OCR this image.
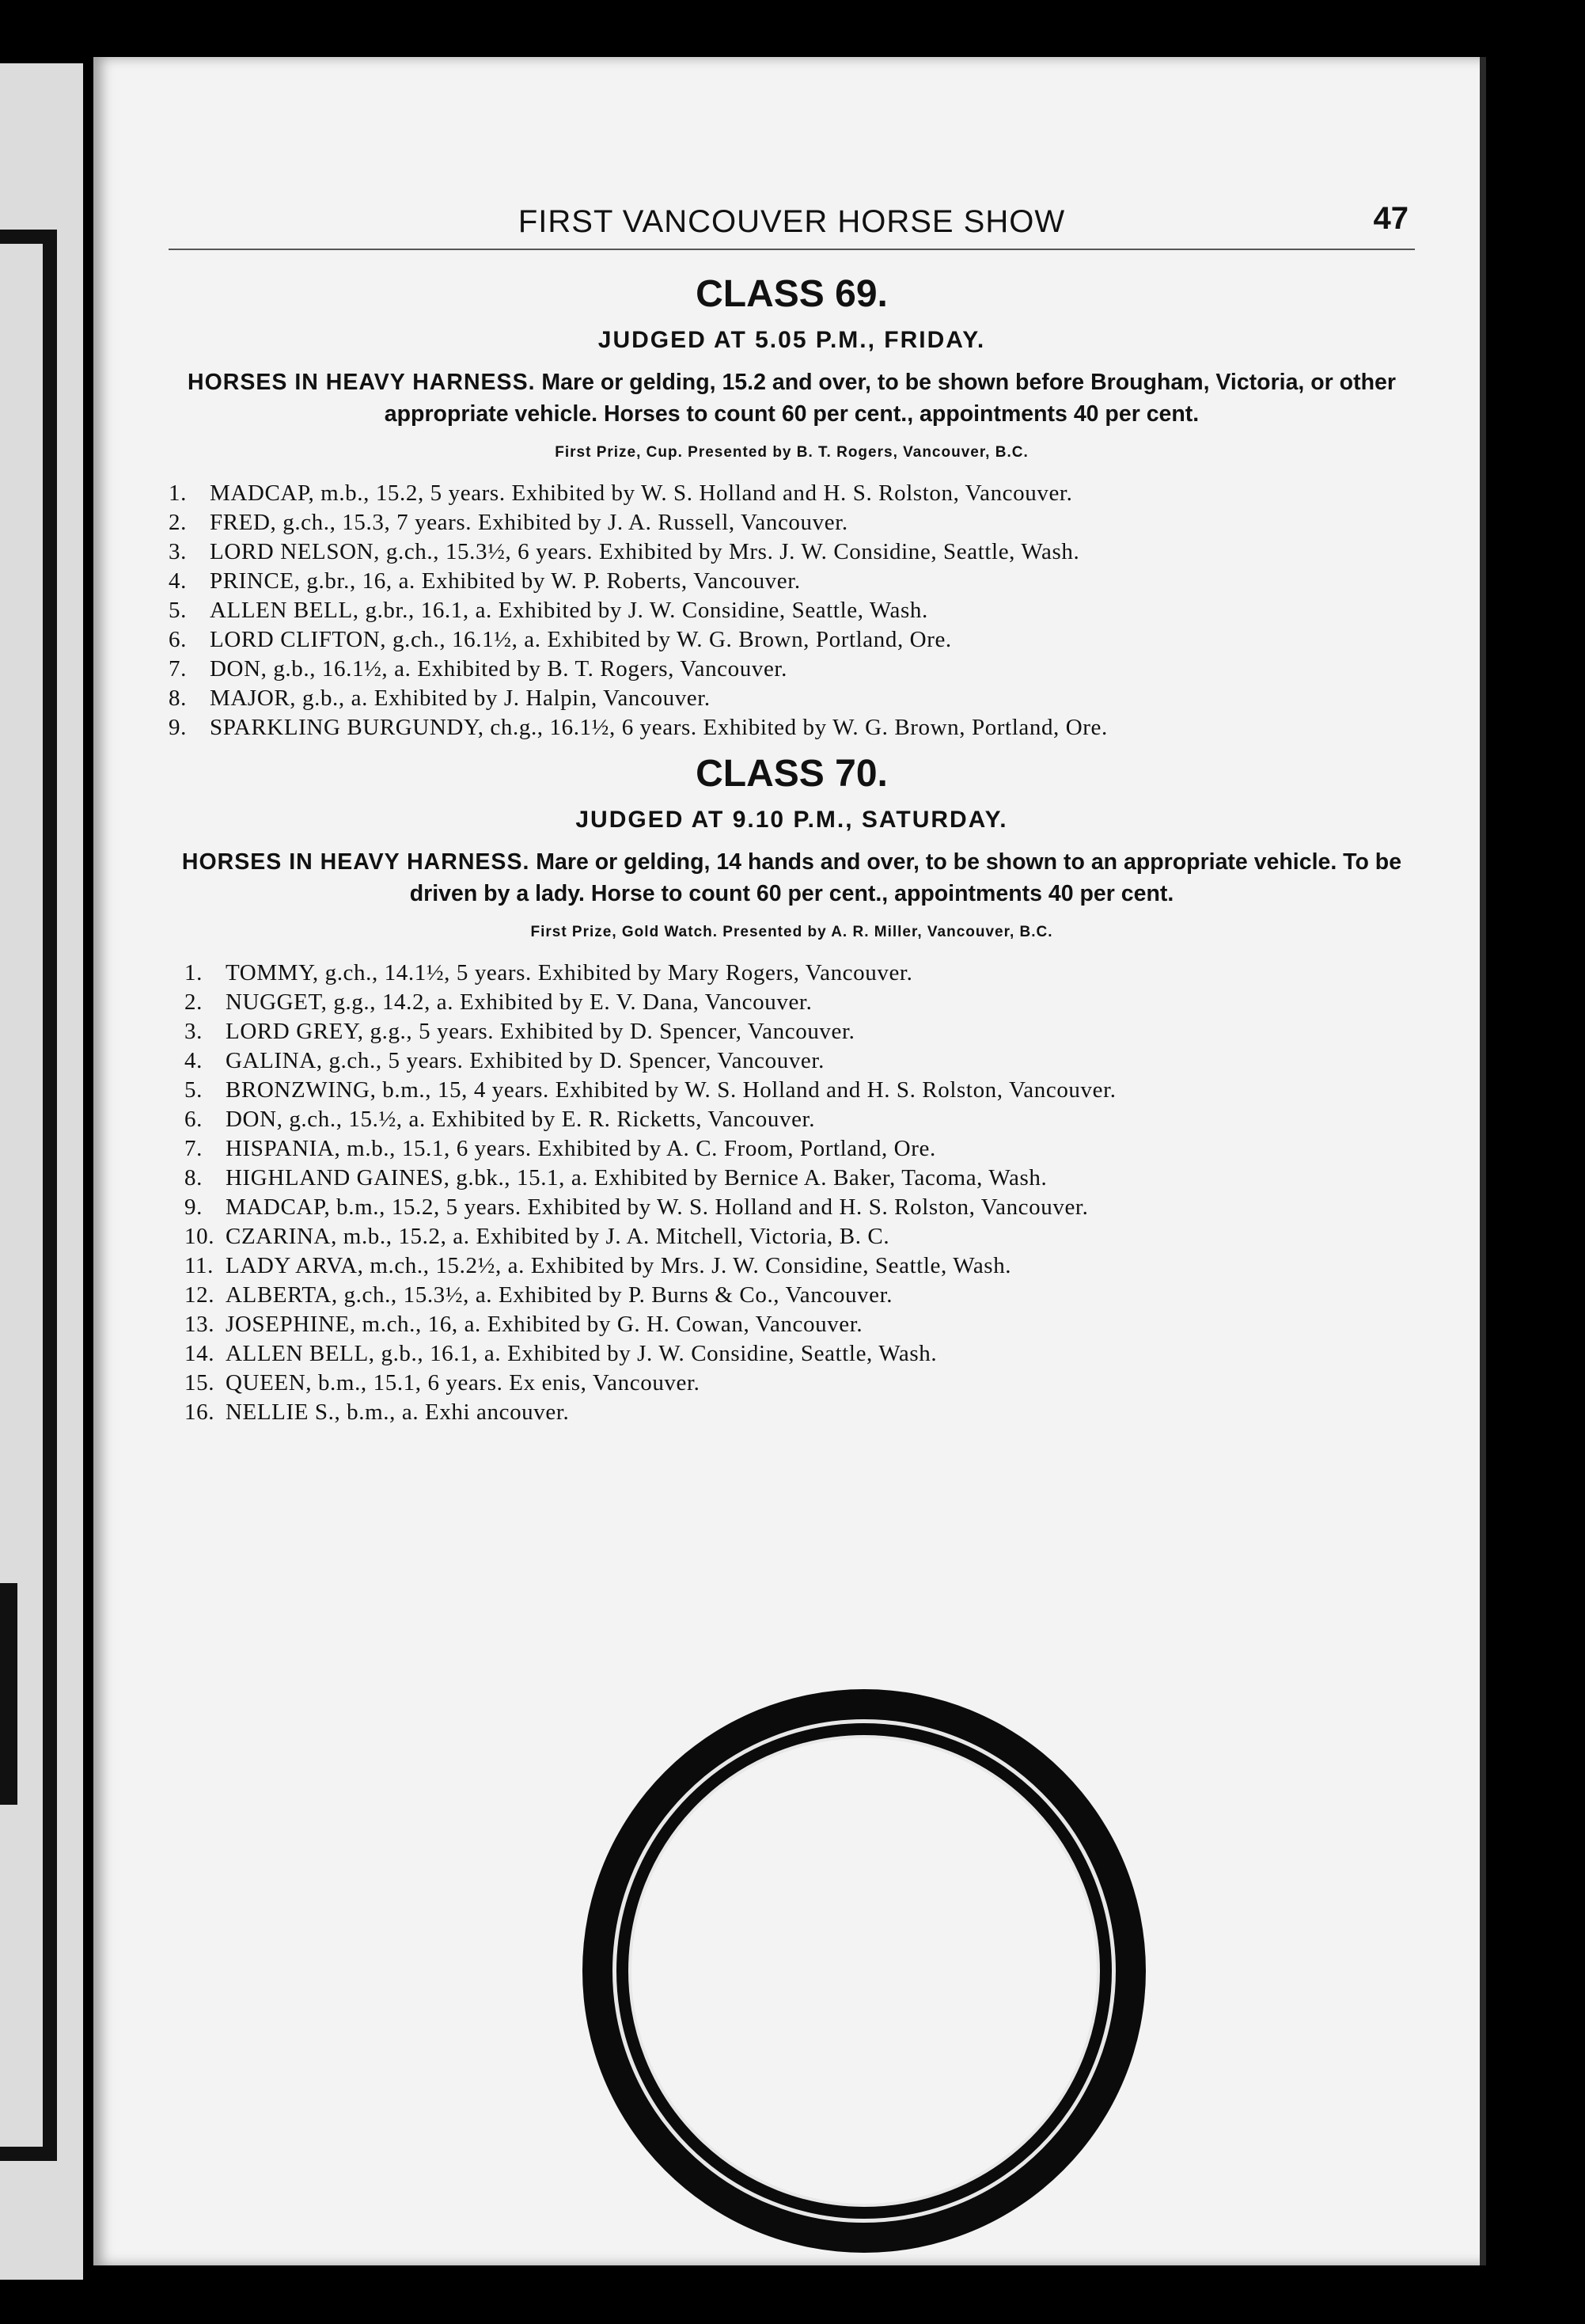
FIRST VANCOUVER HORSE SHOW	47
CLASS 69.
JUDGED AT 5.05 P.M., FRIDAY.
HORSES IN HEAVY HARNESS. Mare or gelding, 15.2 and over, to be shown before Brougham, Victoria, or other appropriate vehicle. Horses to count 60 per cent., appointments 40 per cent.
First Prize, Cup. Presented by B. T. Rogers, Vancouver, B.C.
1.	MADCAP, m.b., 15.2, 5 years. Exhibited by W. S. Holland and H. S. Rolston, Vancouver.
2.	FRED, g.ch., 15.3, 7 years. Exhibited by J. A. Russell, Vancouver.
3.	LORD NELSON, g.ch., 15.3½, 6 years. Exhibited by Mrs. J. W. Considine, Seattle, Wash.
4.	PRINCE, g.br., 16, a. Exhibited by W. P. Roberts, Vancouver.
5.	ALLEN BELL, g.br., 16.1, a. Exhibited by J. W. Considine, Seattle, Wash.
6.	LORD CLIFTON, g.ch., 16.1½, a. Exhibited by W. G. Brown, Portland, Ore.
7.	DON, g.b., 16.1½, a. Exhibited by B. T. Rogers, Vancouver.
8.	MAJOR, g.b., a. Exhibited by J. Halpin, Vancouver.
9.	SPARKLING BURGUNDY, ch.g., 16.1½, 6 years. Exhibited by W. G. Brown, Portland, Ore.
CLASS 70.
JUDGED AT 9.10 P.M., SATURDAY.
HORSES IN HEAVY HARNESS. Mare or gelding, 14 hands and over, to be shown to an appropriate vehicle. To be driven by a lady. Horse to count 60 per cent., appointments 40 per cent.
First Prize, Gold Watch. Presented by A. R. Miller, Vancouver, B.C.
1.	TOMMY, g.ch., 14.1½, 5 years. Exhibited by Mary Rogers, Vancouver.
2.	NUGGET, g.g., 14.2, a. Exhibited by E. V. Dana, Vancouver.
3.	LORD GREY, g.g., 5 years. Exhibited by D. Spencer, Vancouver.
4.	GALINA, g.ch., 5 years. Exhibited by D. Spencer, Vancouver.
5.	BRONZWING, b.m., 15, 4 years. Exhibited by W. S. Holland and H. S. Rolston, Vancouver.
6.	DON, g.ch., 15.½, a. Exhibited by E. R. Ricketts, Vancouver.
7.	HISPANIA, m.b., 15.1, 6 years. Exhibited by A. C. Froom, Portland, Ore.
8.	HIGHLAND GAINES, g.bk., 15.1, a. Exhibited by Bernice A. Baker, Tacoma, Wash.
9.	MADCAP, b.m., 15.2, 5 years. Exhibited by W. S. Holland and H. S. Rolston, Vancouver.
10. CZARINA, m.b., 15.2, a. Exhibited by J. A. Mitchell, Victoria, B. C.
11. LADY ARVA, m.ch., 15.2½, a. Exhibited by Mrs. J. W. Considine, Seattle, Wash.
12. ALBERTA, g.ch., 15.3½, a. Exhibited by P. Burns & Co., Vancouver.
13. JOSEPHINE, m.ch., 16, a. Exhibited by G. H. Cowan, Vancouver.
14. ALLEN BELL, g.b., 16.1, a. Exhibited by J. W. Considine, Seattle, Wash.
15. QUEEN, b.m., 15.1, 6 years. Ex enis, Vancouver.
16. NELLIE S., b.m., a. Exhi ancouver.
